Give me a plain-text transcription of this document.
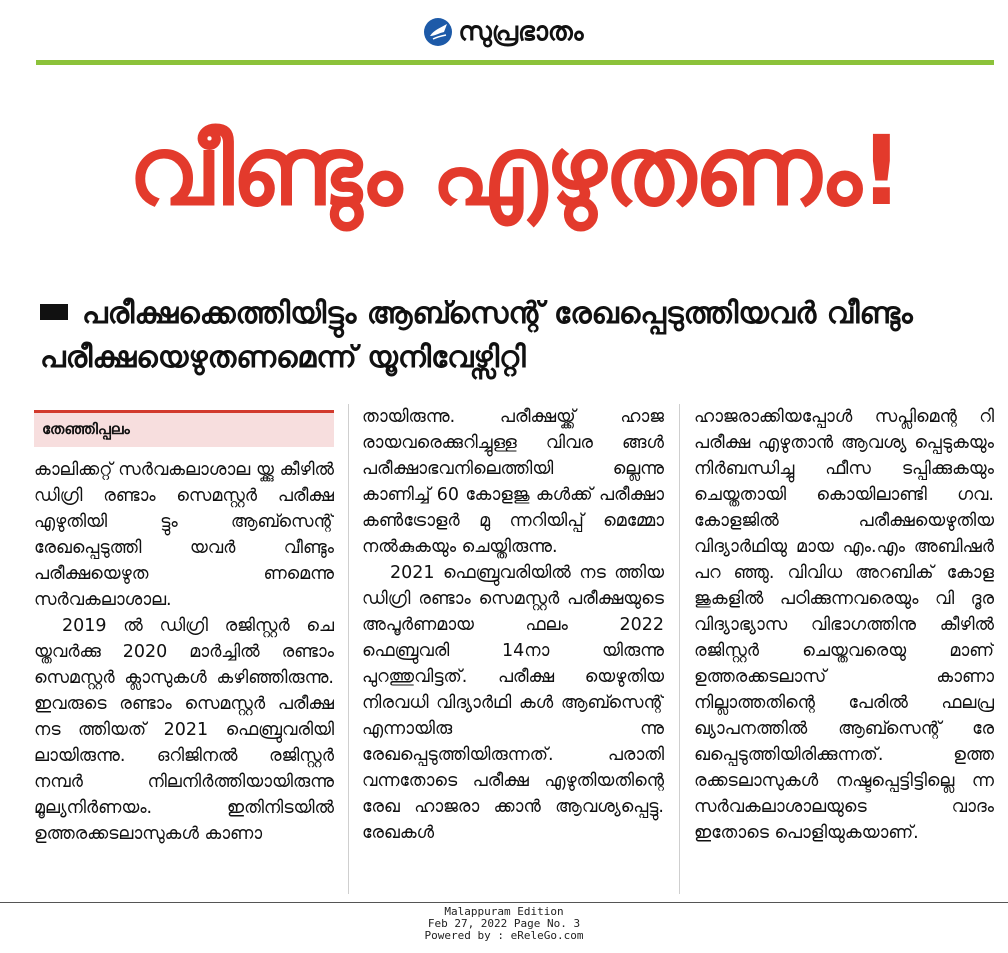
സുപ്രഭാതം
വീണ്ടും എഴുതണം!
പരീക്ഷക്കെത്തിയിട്ടും ആബ്സെന്റ് രേഖപ്പെടുത്തിയവർ വീണ്ടും പരീക്ഷയെഴുതണമെന്ന് യൂനിവേഴ്സിറ്റി
തേഞ്ഞിപ്പലം

കാലിക്കറ്റ് സർവകലാശാല യ്ക്കു കീഴിൽ ഡിഗ്രി രണ്ടാം സെമസ്റ്റർ പരീക്ഷ എഴുതിയി ട്ടും ആബ്സെന്റ് രേഖപ്പെടുത്തി യവർ വീണ്ടും പരീക്ഷയെഴുത ണമെന്നു സർവകലാശാല.

2019 ൽ ഡിഗ്രി രജിസ്റ്റർ ചെ യ്തവർക്കു 2020 മാർച്ചിൽ രണ്ടാം സെമസ്റ്റർ ക്ലാസുകൾ കഴിഞ്ഞിരുന്നു. ഇവരുടെ രണ്ടാം സെമസ്റ്റർ പരീക്ഷ നട ത്തിയത് 2021 ഫെബ്രുവരിയി ലായിരുന്നു. ഒറിജിനൽ രജിസ്റ്റർ നമ്പർ നിലനിർത്തിയായിരുന്നു മൂല്യനിർണയം. ഇതിനിടയിൽ ഉത്തരക്കടലാസുകൾ കാണാ

തായിരുന്നു. പരീക്ഷയ്ക്ക് ഹാജ രായവരെക്കുറിച്ചുള്ള വിവര ങ്ങൾ പരീക്ഷാഭവനിലെത്തിയി ല്ലെന്നു കാണിച്ച് 60 കോളജു കൾക്ക് പരീക്ഷാ കൺട്രോളർ മു ന്നറിയിപ്പ് മെമ്മോ നൽകുകയും ചെയ്തിരുന്നു.

2021 ഫെബ്രുവരിയിൽ നട ത്തിയ ഡിഗ്രി രണ്ടാം സെമസ്റ്റർ പരീക്ഷയുടെ അപൂർണമായ ഫലം 2022 ഫെബ്രുവരി 14നാ യിരുന്നു പുറത്തുവിട്ടത്. പരീക്ഷ യെഴുതിയ നിരവധി വിദ്യാർഥി കൾ ആബ്സെന്റ് എന്നായിരു ന്നു രേഖപ്പെടുത്തിയിരുന്നത്. പരാതി വന്നതോടെ പരീക്ഷ എഴുതിയതിന്റെ രേഖ ഹാജരാ ക്കാൻ ആവശ്യപ്പെട്ടു. രേഖകൾ

ഹാജരാക്കിയപ്പോൾ സപ്ലിമെന്റ റി പരീക്ഷ എഴുതാൻ ആവശ്യ പ്പെടുകയും നിർബന്ധിച്ചു ഫീസ ടപ്പിക്കുകയും ചെയ്തതായി കൊയിലാണ്ടി ഗവ. കോളജിൽ പരീക്ഷയെഴുതിയ വിദ്യാർഥിയു മായ എം.എം അബിഷർ പറ ഞ്ഞു. വിവിധ അറബിക് കോള ജുകളിൽ പഠിക്കുന്നവരെയും വി ദൂര വിദ്യാഭ്യാസ വിഭാഗത്തിനു കീഴിൽ രജിസ്റ്റർ ചെയ്തവരെയു മാണ് ഉത്തരക്കടലാസ് കാണാ നില്ലാത്തതിന്റെ പേരിൽ ഫലപ്ര ഖ്യാപനത്തിൽ ആബ്സെന്റ് രേ ഖപ്പെടുത്തിയിരിക്കുന്നത്. ഉത്ത രക്കടലാസുകൾ നഷ്ടപ്പെട്ടിട്ടില്ലെ ന്ന സർവകലാശാലയുടെ വാദം ഇതോടെ പൊളിയുകയാണ്.

Malappuram Edition
Feb 27, 2022 Page No. 3
Powered by : eReleGo.com
